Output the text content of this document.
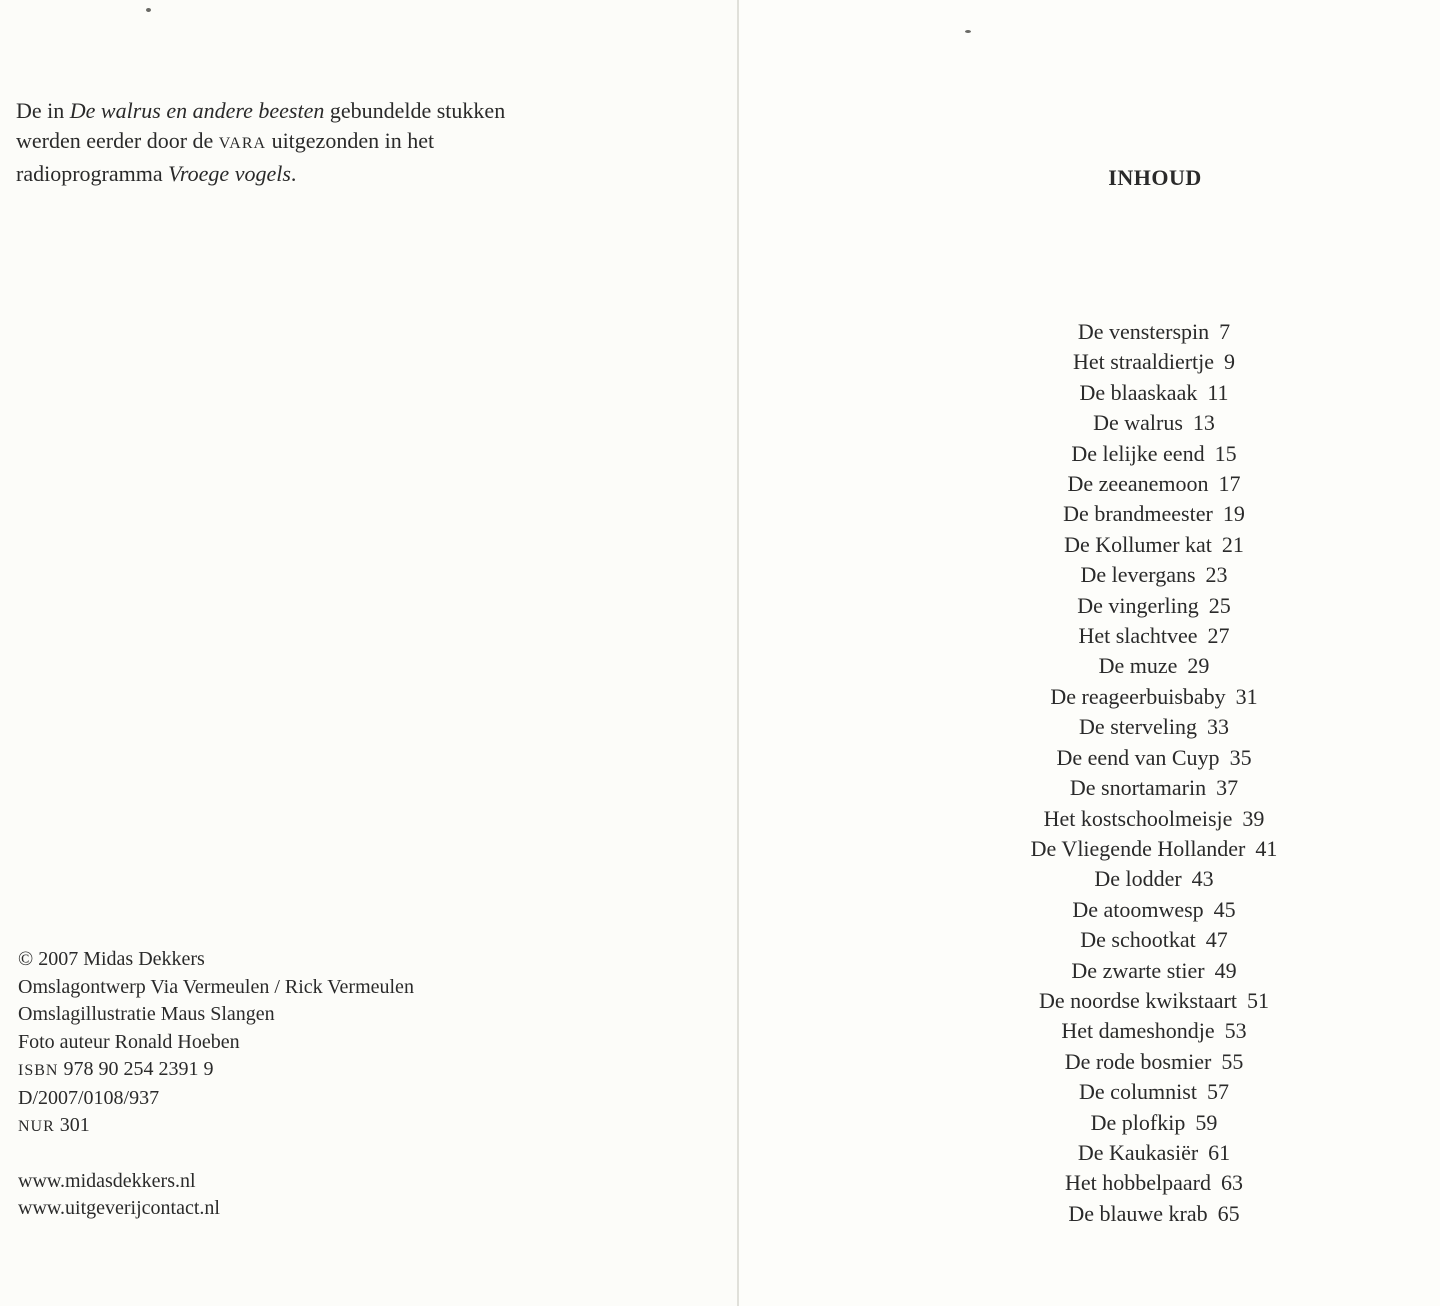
De in De walrus en andere beesten gebundelde stukken
werden eerder door de VARA uitgezonden in het
radioprogramma Vroege vogels.

© 2007 Midas Dekkers
Omslagontwerp Via Vermeulen / Rick Vermeulen
Omslagillustratie Maus Slangen
Foto auteur Ronald Hoeben
ISBN 978 90 254 2391 9
D/2007/0108/937
NUR 301
www.midasdekkers.nl
www.uitgeverijcontact.nl
INHOUD
De vensterspin 7
Het straaldiertje 9
De blaaskaak 11
De walrus 13
De lelijke eend 15
De zeeanemoon 17
De brandmeester 19
De Kollumer kat 21
De levergans 23
De vingerling 25
Het slachtvee 27
De muze 29
De reageerbuisbaby 31
De sterveling 33
De eend van Cuyp 35
De snortamarin 37
Het kostschoolmeisje 39
De Vliegende Hollander 41
De lodder 43
De atoomwesp 45
De schootkat 47
De zwarte stier 49
De noordse kwikstaart 51
Het dameshondje 53
De rode bosmier 55
De columnist 57
De plofkip 59
De Kaukasiër 61
Het hobbelpaard 63
De blauwe krab 65
